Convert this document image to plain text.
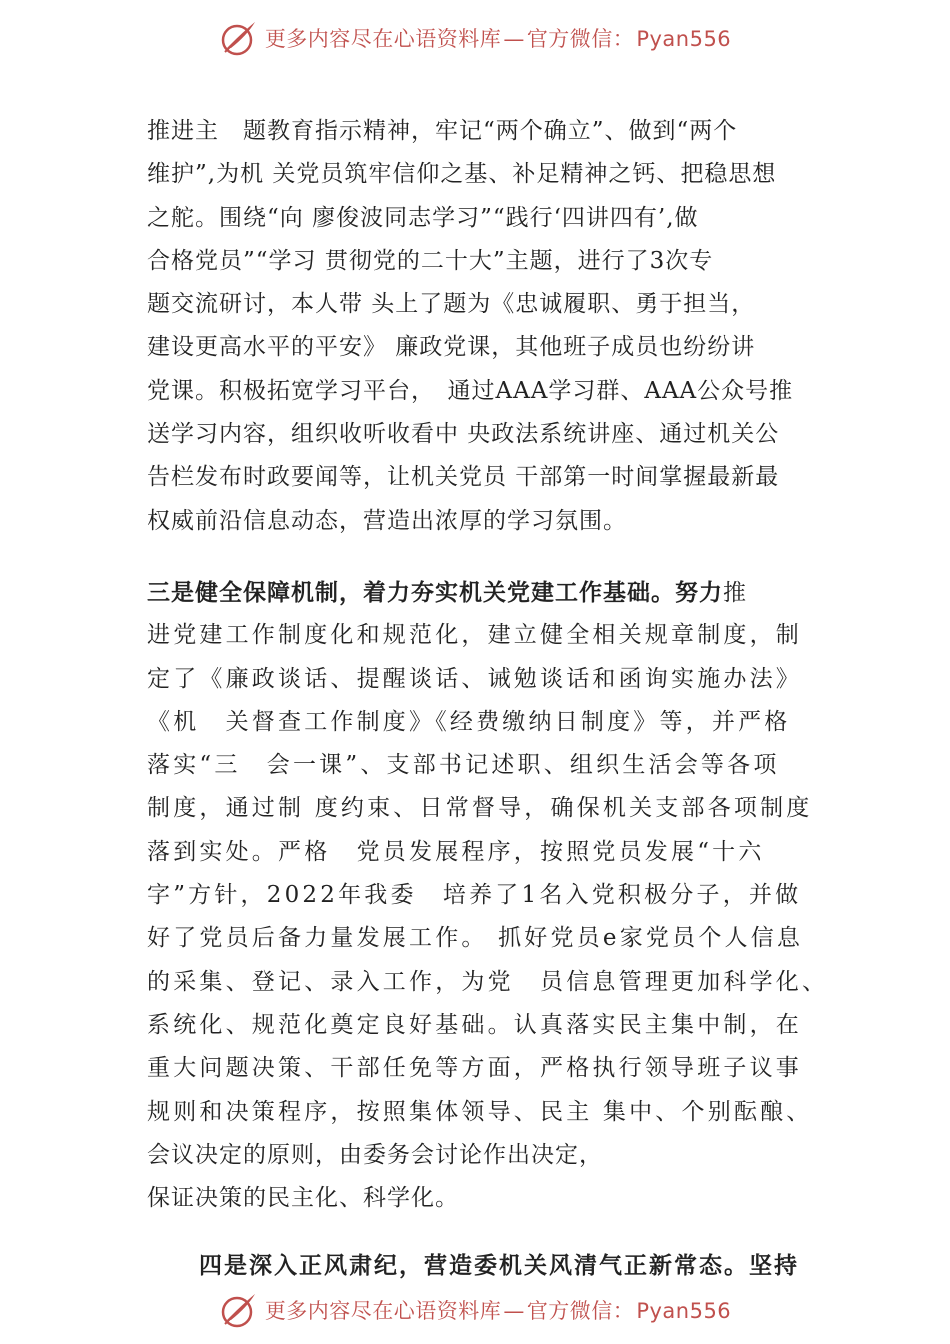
更多内容尽在心语资料库—官方微信：Pyan556
推进主　题教育指示精神，牢记“两个确立”、做到“两个
维护”,为机 关党员筑牢信仰之基、补足精神之钙、把稳思想
之舵。围绕“向 廖俊波同志学习”“践行‘四讲四有’,做
合格党员”“学习 贯彻党的二十大”主题，进行了3次专
题交流研讨，本人带 头上了题为《忠诚履职、勇于担当，
建设更高水平的平安》 廉政党课，其他班子成员也纷纷讲
党课。积极拓宽学习平台，　通过AAA学习群、AAA公众号推
送学习内容，组织收听收看中 央政法系统讲座、通过机关公
告栏发布时政要闻等，让机关党员 干部第一时间掌握最新最
权威前沿信息动态，营造出浓厚的学习氛围。
三是健全保障机制，着力夯实机关党建工作基础。努力推
进党建工作制度化和规范化，建立健全相关规章制度，制
定了《廉政谈话、提醒谈话、诫勉谈话和函询实施办法》
《机　关督查工作制度》《经费缴纳日制度》等，并严格
落实“三　会一课”、支部书记述职、组织生活会等各项
制度，通过制 度约束、日常督导，确保机关支部各项制度
落到实处。严格　党员发展程序，按照党员发展“十六
字”方针，2022年我委　培养了1名入党积极分子，并做
好了党员后备力量发展工作。 抓好党员e家党员个人信息
的采集、登记、录入工作，为党　员信息管理更加科学化、
系统化、规范化奠定良好基础。认真落实民主集中制，在
重大问题决策、干部任免等方面，严格执行领导班子议事
规则和决策程序，按照集体领导、民主 集中、个别酝酿、
会议决定的原则，由委务会讨论作出决定，
保证决策的民主化、科学化。
四是深入正风肃纪，营造委机关风清气正新常态。坚持
更多内容尽在心语资料库—官方微信：Pyan556
